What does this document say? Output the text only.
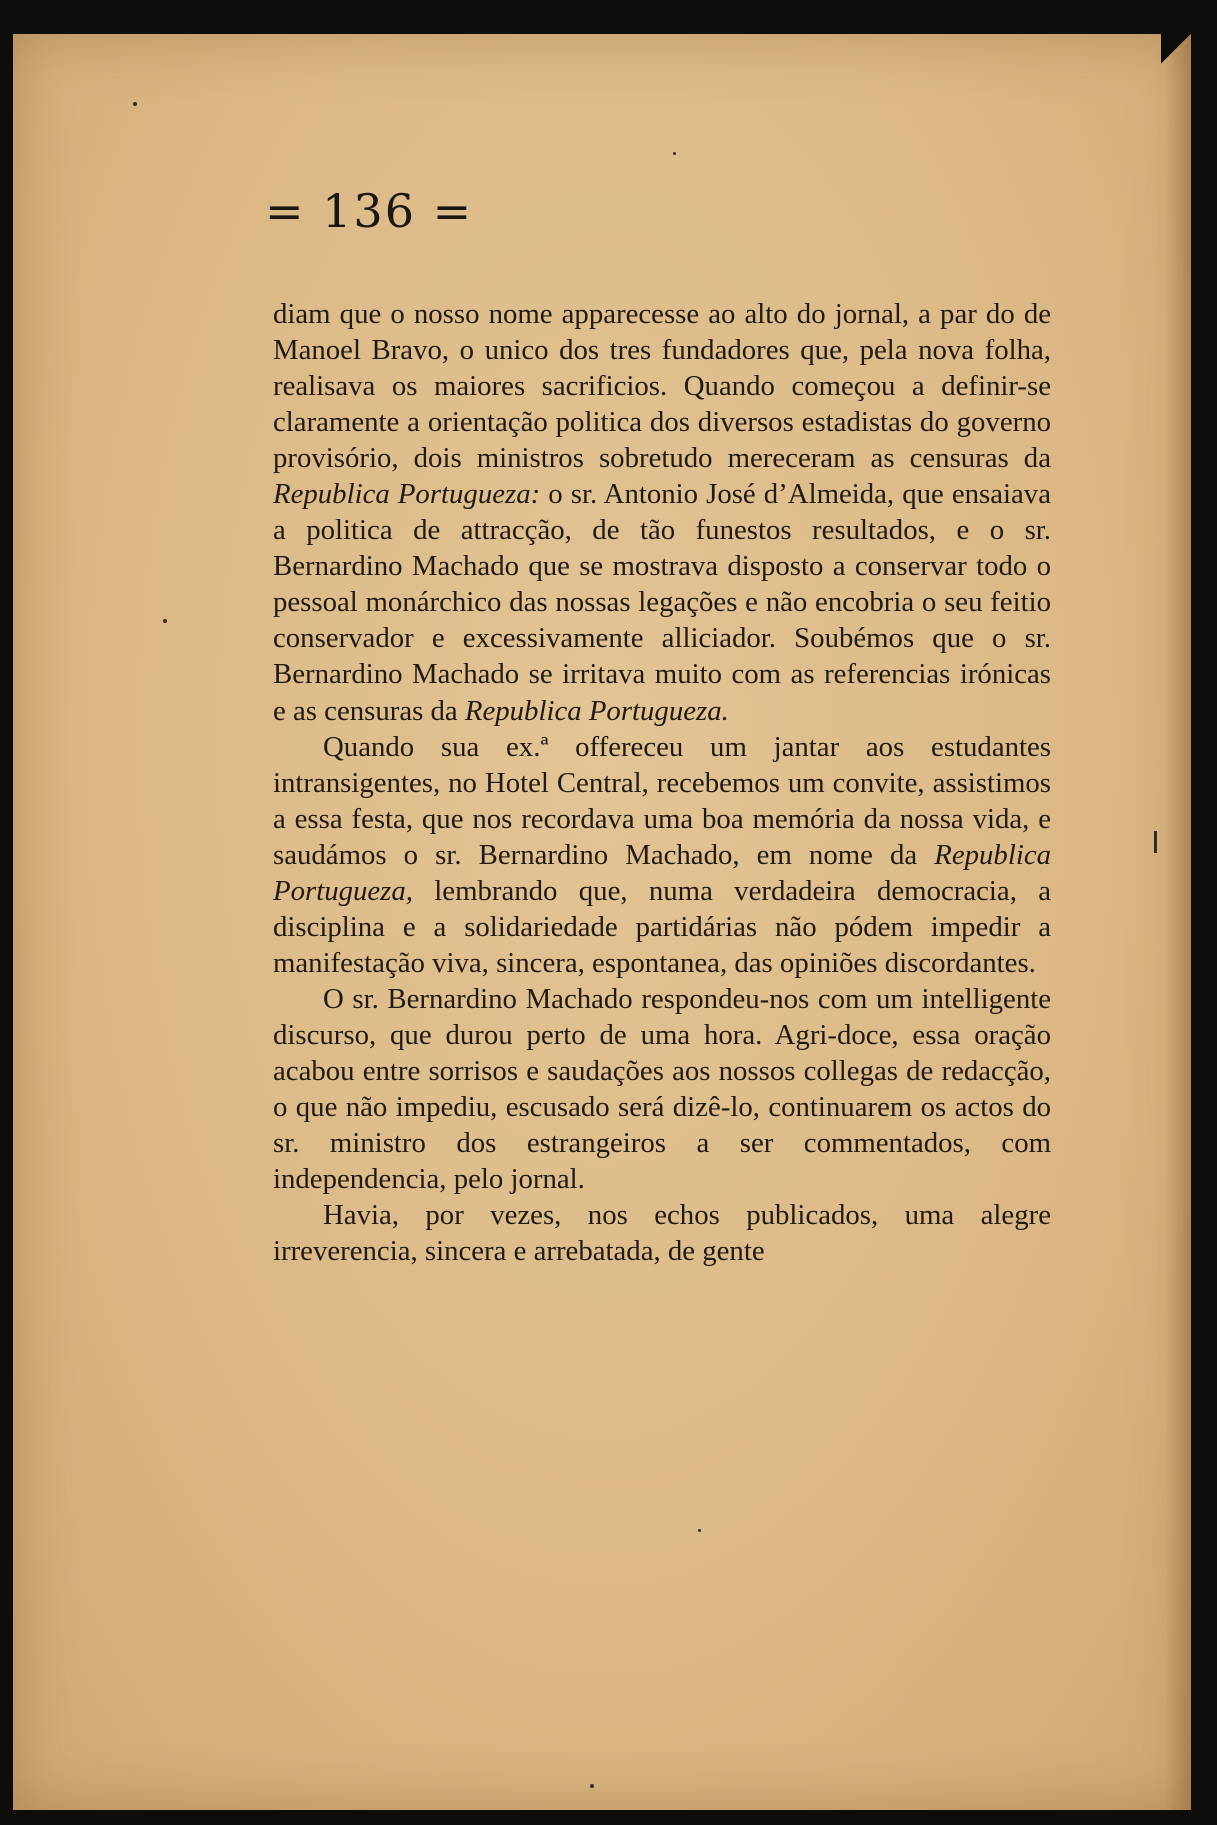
= 136 =

diam que o nosso nome apparecesse ao alto do jornal, a par do de Manoel Bravo, o unico dos tres fundadores que, pela nova folha, realisava os maiores sacrificios. Quando começou a definir-se claramente a orientação politica dos diversos estadistas do governo provisório, dois ministros sobretudo mereceram as censuras da Republica Portugueza: o sr. Antonio José d’Almeida, que ensaiava a politica de attracção, de tão funestos resultados, e o sr. Bernardino Machado que se mostrava disposto a conservar todo o pessoal monárchico das nossas legações e não encobria o seu feitio conservador e excessivamente alliciador. Soubémos que o sr. Bernardino Machado se irritava muito com as referencias irónicas e as censuras da Republica Portugueza.

Quando sua ex.ª offereceu um jantar aos estudantes intransigentes, no Hotel Central, recebemos um convite, assistimos a essa festa, que nos recordava uma boa memória da nossa vida, e saudámos o sr. Bernardino Machado, em nome da Republica Portugueza, lembrando que, numa verdadeira democracia, a disciplina e a solidariedade partidárias não pódem impedir a manifestação viva, sincera, espontanea, das opiniões discordantes.

O sr. Bernardino Machado respondeu-nos com um intelligente discurso, que durou perto de uma hora. Agri-doce, essa oração acabou entre sorrisos e saudações aos nossos collegas de redacção, o que não impediu, escusado será dizê-lo, continuarem os actos do sr. ministro dos estrangeiros a ser commentados, com independencia, pelo jornal.

Havia, por vezes, nos echos publicados, uma alegre irreverencia, sincera e arrebatada, de gente
